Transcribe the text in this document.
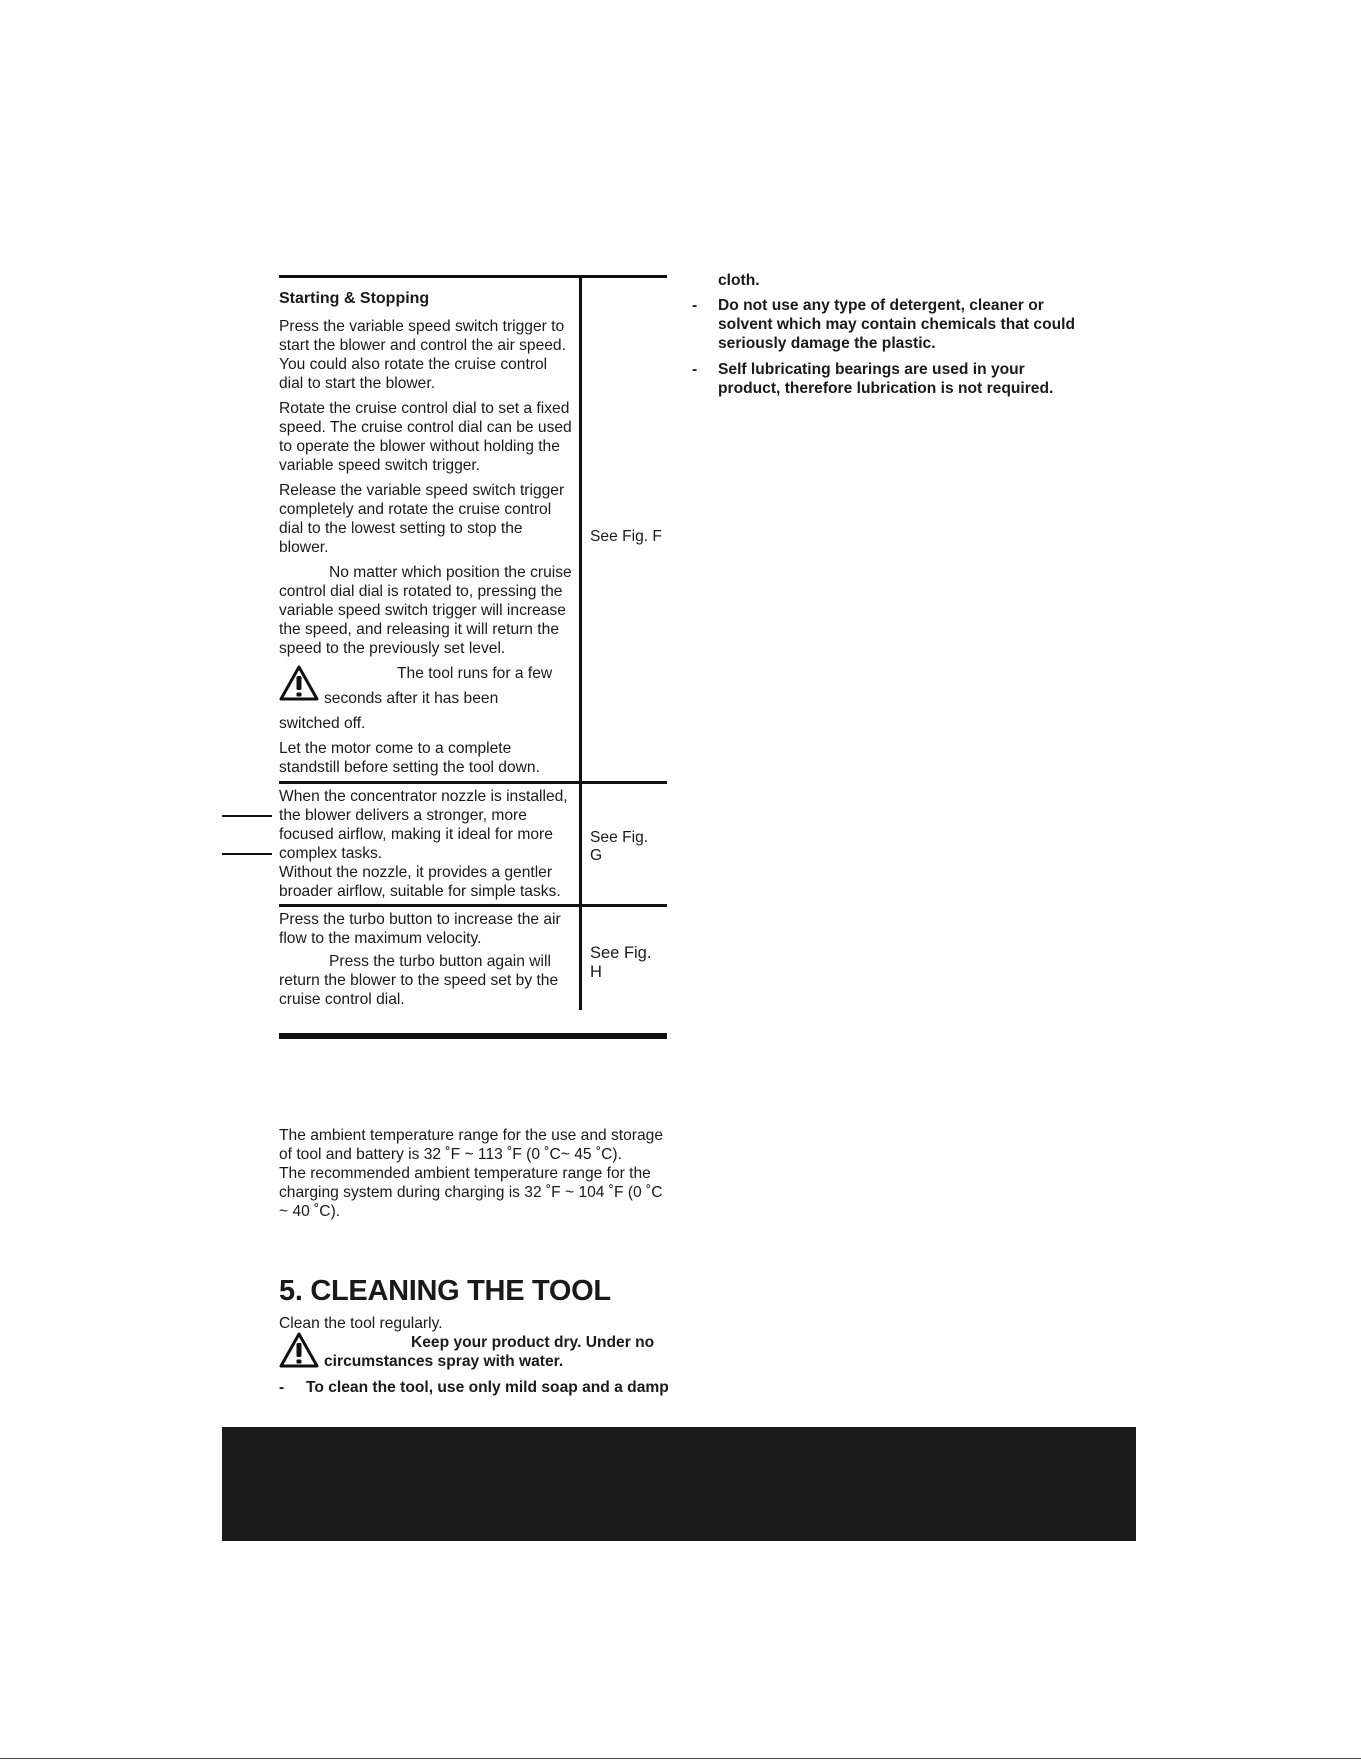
Starting & Stopping

Press the variable speed switch trigger to start the blower and control the air speed. You could also rotate the cruise control dial to start the blower.

Rotate the cruise control dial to set a fixed speed. The cruise control dial can be used to operate the blower without holding the variable speed switch trigger.

Release the variable speed switch trigger completely and rotate the cruise control dial to the lowest setting to stop the blower.

No matter which position the cruise control dial dial is rotated to, pressing the variable speed switch trigger will increase the speed, and releasing it will return the speed to the previously set level.

The tool runs for a few

seconds after it has been

switched off.

Let the motor come to a complete standstill before setting the tool down.

See Fig. F

When the concentrator nozzle is installed, the blower delivers a stronger, more focused airflow, making it ideal for more complex tasks.

Without the nozzle, it provides a gentler broader airflow, suitable for simple tasks.

See Fig.
G

Press the turbo button to increase the air flow to the maximum velocity.

Press the turbo button again will return the blower to the speed set by the cruise control dial.

See Fig.
H

The ambient temperature range for the use and storage of tool and battery is 32 ˚F ~ 113 ˚F (0 ˚C~ 45 ˚C).

The recommended ambient temperature range for the charging system during charging is 32 ˚F ~ 104 ˚F (0 ˚C ~ 40 ˚C).

5. CLEANING THE TOOL

Clean the tool regularly.

Keep your product dry. Under no
circumstances spray with water.

- To clean the tool, use only mild soap and a damp

cloth.

- Do not use any type of detergent, cleaner or solvent which may contain chemicals that could seriously damage the plastic.

- Self lubricating bearings are used in your product, therefore lubrication is not required.
